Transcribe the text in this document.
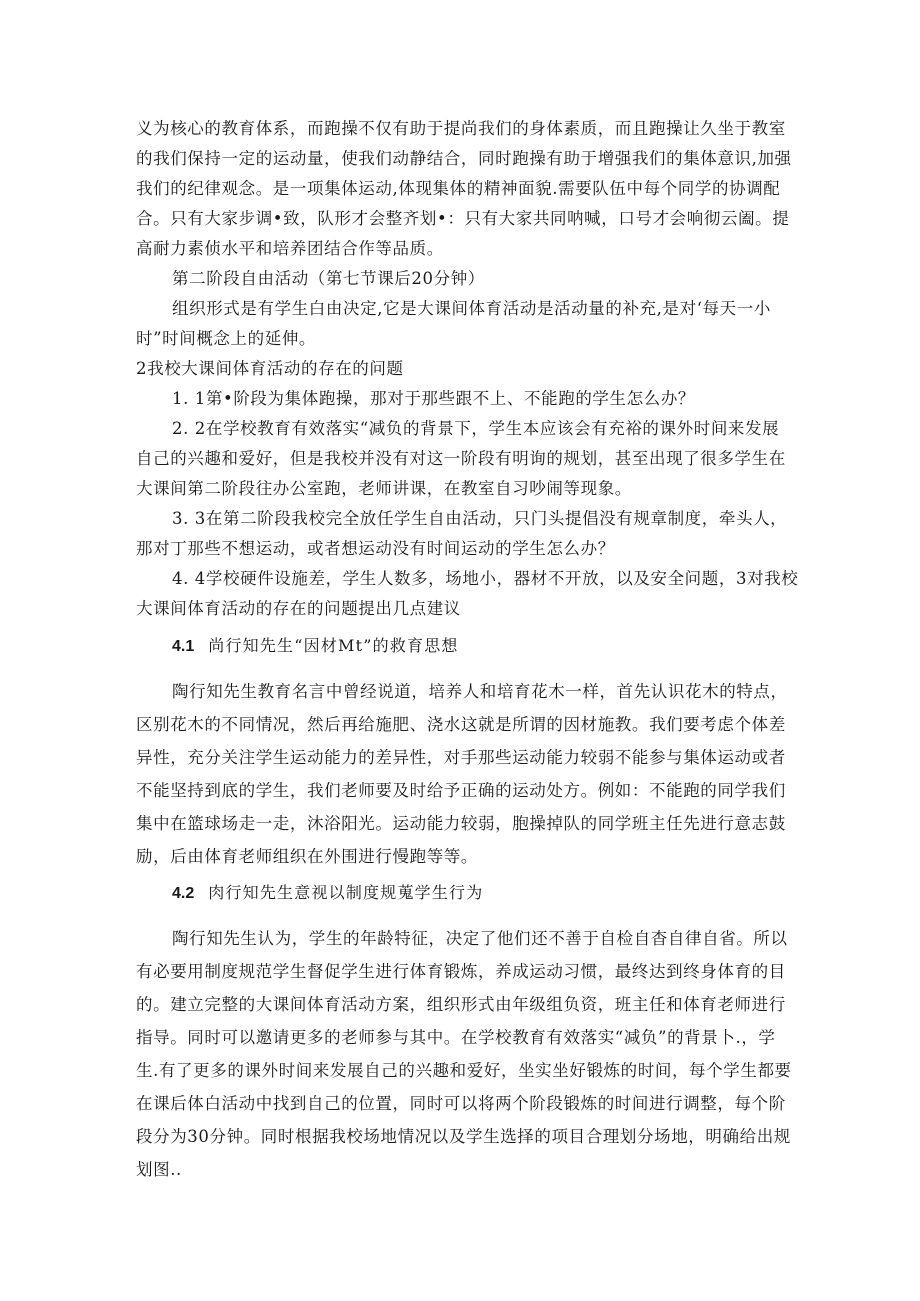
义为核心的教育体系，而跑操不仅有助于提尚我们的身体素质，而且跑操让久坐于教室
的我们保持一定的运动量，使我们动静结合，同时跑操有助于增强我们的集体意识,加强
我们的纪律观念。是一项集体运动,体现集体的精神面貌.需要队伍中每个同学的协调配
合。只有大家步调•致，队形才会整齐划•：只有大家共同呐喊，口号才会响彻云阖。提
高耐力素侦水平和培养团结合作等品质。
第二阶段自由活动（第七节课后20分钟）
组织形式是有学生白由决定,它是大课间体育活动是活动量的补充,是对‘每天一小
时”时间概念上的延伸。
2我校大课间体育活动的存在的问题
1. 1第•阶段为集体跑操，那对于那些跟不上、不能跑的学生怎么办？
2. 2在学校教育有效落实“减负的背景下，学生本应该会有充裕的课外时间来发展
自己的兴趣和爱好，但是我校并没有对这一阶段有明询的规划，甚至出现了很多学生在
大课间第二阶段往办公室跑，老师讲课，在教室自习吵闹等现象。
3. 3在第二阶段我校完全放任学生自由活动，只门头提倡没有规章制度，牵头人，
那对丁那些不想运动，或者想运动没有时间运动的学生怎么办？
4. 4学校硬件设施差，学生人数多，场地小，器材不开放，以及安全问题，3对我校
大课间体育活动的存在的问题提出几点建议
4.1 尚行知先生“因材Mt”的救育思想
陶行知先生教育名言中曾经说道，培养人和培育花木一样，首先认识花木的特点，
区别花木的不同情况，然后再给施肥、浇水这就是所谓的因材施教。我们要考虑个体差
异性，充分关注学生运动能力的差异性，对手那些运动能力较弱不能参与集体运动或者
不能坚持到底的学生，我们老师要及时给予正确的运动处方。例如：不能跑的同学我们
集中在篮球场走一走，沐浴阳光。运动能力较弱，胞操掉队的同学班主任先进行意志鼓
励，后由体育老师组织在外围进行慢跑等等。
4.2 肉行知先生意视以制度规蒐学生行为
陶行知先生认为，学生的年龄特征，决定了他们还不善于自检自杳自律自省。所以
有必要用制度规范学生督促学生进行体育锻炼，养成运动习惯，最终达到终身体育的目
的。建立完整的大课间体育活动方案，组织形式由年级组负资，班主任和体育老师进行
指导。同时可以邀请更多的老师参与其中。在学校教育有效落实“减负”的背景卜.，学
生.有了更多的课外时间来发展自己的兴趣和爱好，坐实坐好锻炼的时间，每个学生都要
在课后体白活动中找到自己的位置，同时可以将两个阶段锻炼的时间进行调整，每个阶
段分为30分钟。同时根据我校场地情况以及学生选择的项目合理划分场地，明确给出规
划图..
